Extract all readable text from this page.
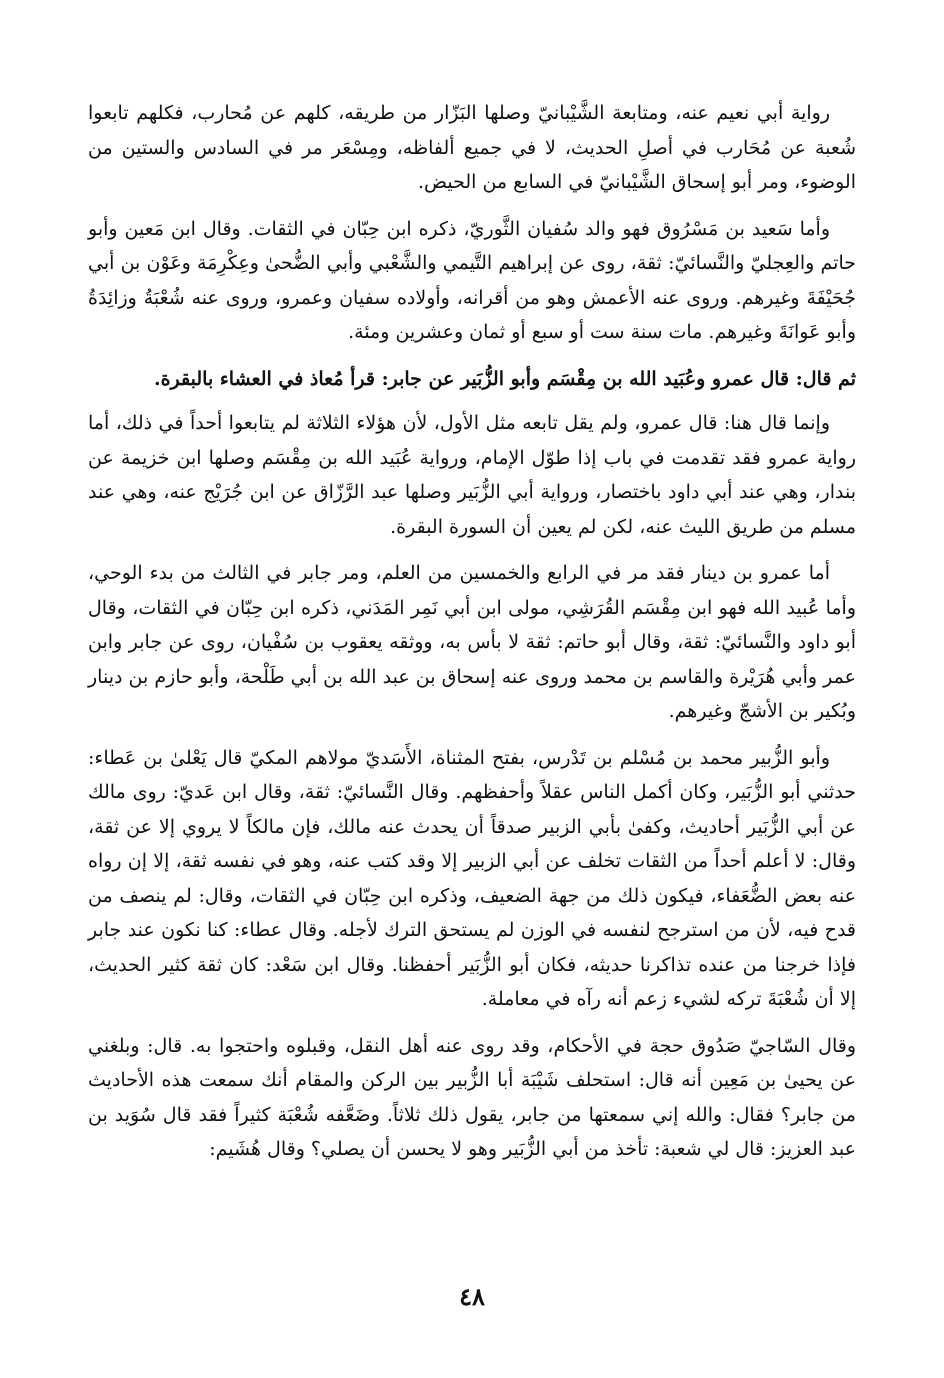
رواية أبي نعيم عنه، ومتابعة الشَّيْبانيّ وصلها البَزّار من طريقه، كلهم عن مُحارب، فكلهم تابعوا شُعبة عن مُحَارب في أصلِ الحديث، لا في جميع ألفاظه، ومِسْعَر مر في السادس والستين من الوضوء، ومر أبو إسحاق الشَّيْبانيّ في السابع من الحيض.

وأما سَعيد بن مَسْرُوق فهو والد سُفيان الثَّوريّ، ذكره ابن حِبّان في الثقات. وقال ابن مَعين وأبو حاتم والعِجليّ والنَّسائيّ: ثقة، روى عن إبراهيم التَّيمي والشَّعْبي وأبي الضُّحىٰ وعِكْرِمَة وعَوْن بن أبي جُحَيْفَةَ وغيرهم. وروى عنه الأعمش وهو من أقرانه، وأولاده سفيان وعمرو، وروى عنه شُعْبَةُ وزائِدَةُ وأبو عَوانَةَ وغيرهم. مات سنة ست أو سبع أو ثمان وعشرين ومئة.

ثم قال: قال عمرو وعُبَيد الله بن مِقْسَم وأبو الزُّبَير عن جابر: قرأ مُعاذ في العشاء بالبقرة.

وإنما قال هنا: قال عمرو، ولم يقل تابعه مثل الأول، لأن هؤلاء الثلاثة لم يتابعوا أحداً في ذلك، أما رواية عمرو فقد تقدمت في باب إذا طوّل الإمام، ورواية عُبَيد الله بن مِقْسَم وصلها ابن خزيمة عن بندار، وهي عند أبي داود باختصار، ورواية أبي الزُّبَير وصلها عبد الرَّزّاق عن ابن جُرَيْج عنه، وهي عند مسلم من طريق الليث عنه، لكن لم يعين أن السورة البقرة.

أما عمرو بن دينار فقد مر في الرابع والخمسين من العلم، ومر جابر في الثالث من بدء الوحي، وأما عُبيد الله فهو ابن مِقْسَم القُرَشِي، مولى ابن أبي نَمِر المَدَني، ذكره ابن حِبّان في الثقات، وقال أبو داود والنَّسائيّ: ثقة، وقال أبو حاتم: ثقة لا بأس به، ووثقه يعقوب بن سُفْيان، روى عن جابر وابن عمر وأبي هُرَيْرة والقاسم بن محمد وروى عنه إسحاق بن عبد الله بن أبي طَلْحة، وأبو حازم بن دينار وبُكير بن الأشجّ وغيرهم.

وأبو الزُّبير محمد بن مُسْلم بن تَدْرس، بفتح المثناة، الأَسَديّ مولاهم المكيّ قال يَعْلىٰ بن عَطاء: حدثني أبو الزُّبَير، وكان أكمل الناس عقلاً وأحفظهم. وقال النَّسائيّ: ثقة، وقال ابن عَديّ: روى مالك عن أبي الزُّبَير أحاديث، وكفىٰ بأبي الزبير صدقاً أن يحدث عنه مالك، فإن مالكاً لا يروي إلا عن ثقة، وقال: لا أعلم أحداً من الثقات تخلف عن أبي الزبير إلا وقد كتب عنه، وهو في نفسه ثقة، إلا إن رواه عنه بعض الضُّعَفاء، فيكون ذلك من جهة الضعيف، وذكره ابن حِبّان في الثقات، وقال: لم ينصف من قدح فيه، لأن من استرجح لنفسه في الوزن لم يستحق الترك لأجله. وقال عطاء: كنا نكون عند جابر فإذا خرجنا من عنده تذاكرنا حديثه، فكان أبو الزُّبَير أحفظنا. وقال ابن سَعْد: كان ثقة كثير الحديث، إلا أن شُعْبَةَ تركه لشيء زعم أنه رآه في معاملة.

وقال السّاجيّ صَدُوق حجة في الأحكام، وقد روى عنه أهل النقل، وقبلوه واحتجوا به. قال: وبلغني عن يحيىٰ بن مَعِين أنه قال: استحلف شَيْبَة أبا الزُّبير بين الركن والمقام أنك سمعت هذه الأحاديث من جابر؟ فقال: والله إني سمعتها من جابر، يقول ذلك ثلاثاً. وضَعَّفه شُعْبَة كثيراً فقد قال سُوَيد بن عبد العزيز: قال لي شعبة: تأخذ من أبي الزُّبَير وهو لا يحسن أن يصلي؟ وقال هُشَيم:

٤٨
